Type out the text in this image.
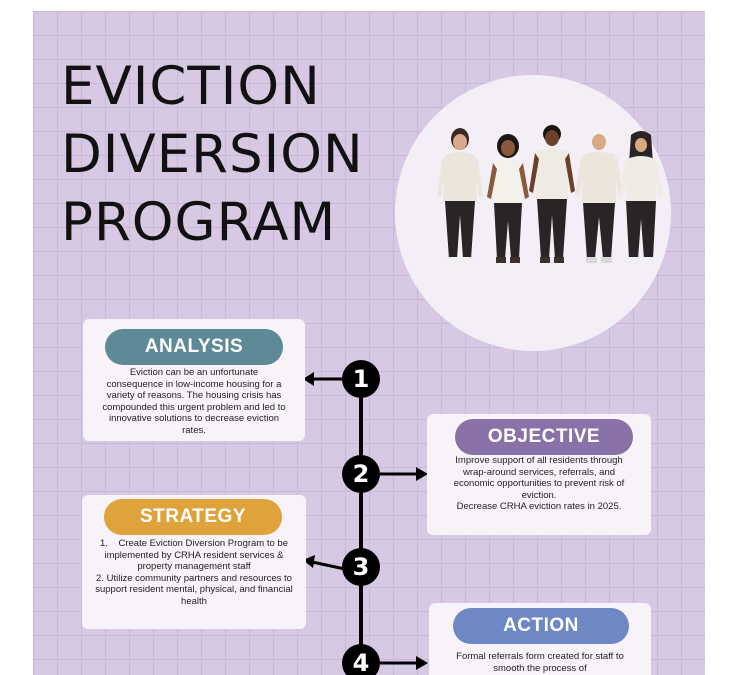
EVICTION
DIVERSION
PROGRAM
1
2
3
4
ANALYSIS

Eviction can be an unfortunate consequence in low-income housing for a variety of reasons. The housing crisis has compounded this urgent problem and led to innovative solutions to decrease eviction rates.	OBJECTIVE

Improve support of all residents through wrap-around services, referrals, and economic opportunities to prevent risk of eviction.

Decrease CRHA eviction rates in 2025.

STRATEGY
1. Create Eviction Diversion Program to be implemented by CRHA resident services & property management staff
2. Utilize community partners and resources to support resident mental, physical, and financial health
ACTION

Formal referrals form created for staff to smooth the process of
